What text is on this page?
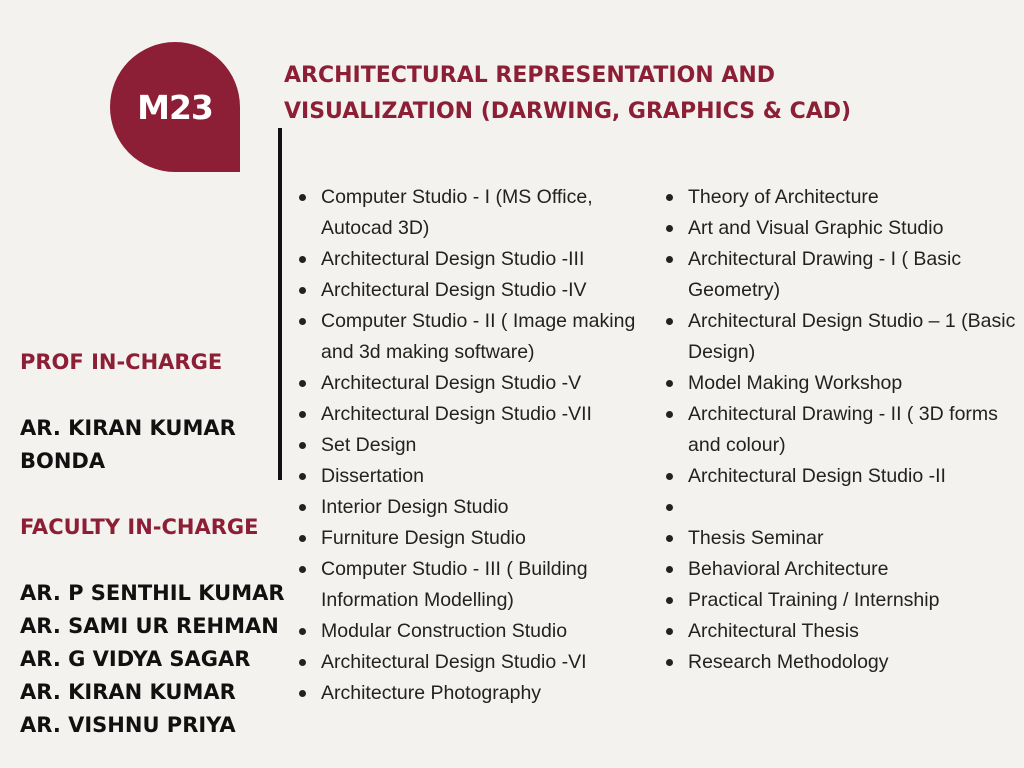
M23
ARCHITECTURAL REPRESENTATION AND
VISUALIZATION (DARWING, GRAPHICS & CAD)
PROF IN-CHARGE
AR. KIRAN KUMAR
BONDA
FACULTY IN-CHARGE
AR. P SENTHIL KUMAR
AR. SAMI UR REHMAN
AR. G VIDYA SAGAR
AR. KIRAN KUMAR
AR. VISHNU PRIYA
Computer Studio - I (MS Office, Autocad 3D)
Architectural Design Studio -III
Architectural Design Studio -IV
Computer Studio - II ( Image making and 3d making software)
Architectural Design Studio -V
Architectural Design Studio -VII
Set Design
Dissertation
Interior Design Studio
Furniture Design Studio
Computer Studio - III ( Building Information Modelling)
Modular Construction Studio
Architectural Design Studio -VI
Architecture Photography
Theory of Architecture
Art and Visual Graphic Studio
Architectural Drawing - I ( Basic Geometry)
Architectural Design Studio – 1 (Basic Design)
Model Making Workshop
Architectural Drawing - II ( 3D forms and colour)
Architectural Design Studio -II
Thesis Seminar
Behavioral Architecture
Practical Training / Internship
Architectural Thesis
Research Methodology
